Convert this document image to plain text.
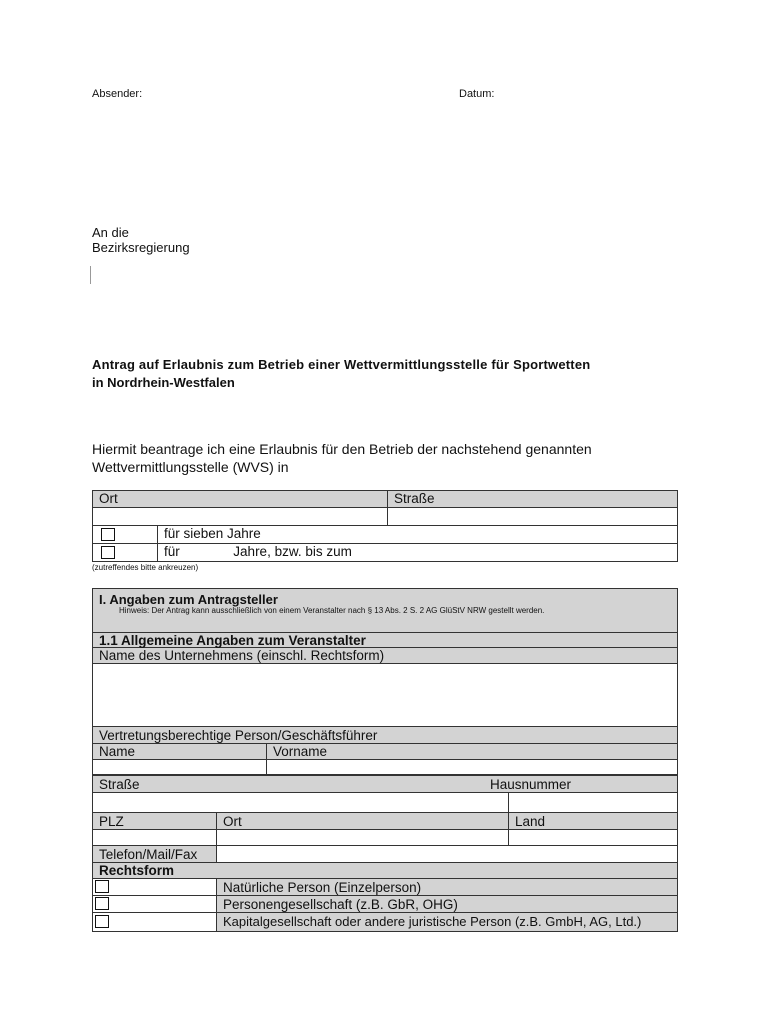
Absender:	Datum:
An die
Bezirksregierung
Antrag auf Erlaubnis zum Betrieb einer Wettvermittlungsstelle für Sportwetten
in Nordrhein-Westfalen
Hiermit beantrage ich eine Erlaubnis für den Betrieb der nachstehend genannten
Wettvermittlungsstelle (WVS) in
Ort	Straße
für sieben Jahre
für	Jahre, bzw. bis zum
(zutreffendes bitte ankreuzen)
I. Angaben zum Antragsteller
Hinweis: Der Antrag kann ausschließlich von einem Veranstalter nach § 13 Abs. 2 S. 2 AG GlüStV NRW gestellt werden.
1.1 Allgemeine Angaben zum Veranstalter
Name des Unternehmens (einschl. Rechtsform)
Vertretungsberechtige Person/Geschäftsführer
Name	Vorname
Straße	Hausnummer
PLZ	Ort	Land
Telefon/Mail/Fax
Rechtsform
Natürliche Person (Einzelperson)
Personengesellschaft (z.B. GbR, OHG)
Kapitalgesellschaft oder andere juristische Person (z.B. GmbH, AG, Ltd.)
